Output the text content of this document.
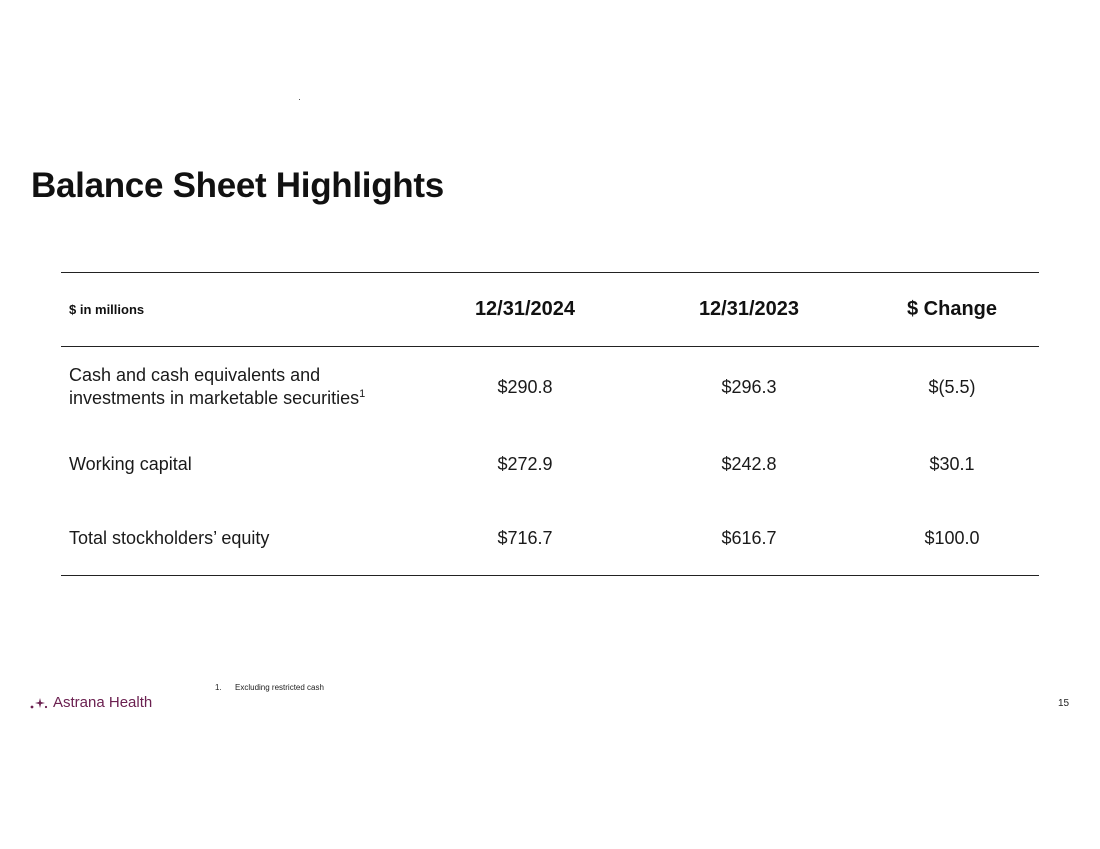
Balance Sheet Highlights
$ in millions	12/31/2024	12/31/2023	$ Change
Cash and cash equivalents and
investments in marketable securities$^1$	$290.8	$296.3	$(5.5)
Working capital	$272.9	$242.8	$30.1
Total stockholders’ equity	$716.7	$616.7	$100.0
1. Excluding restricted cash
Astrana Health	15
